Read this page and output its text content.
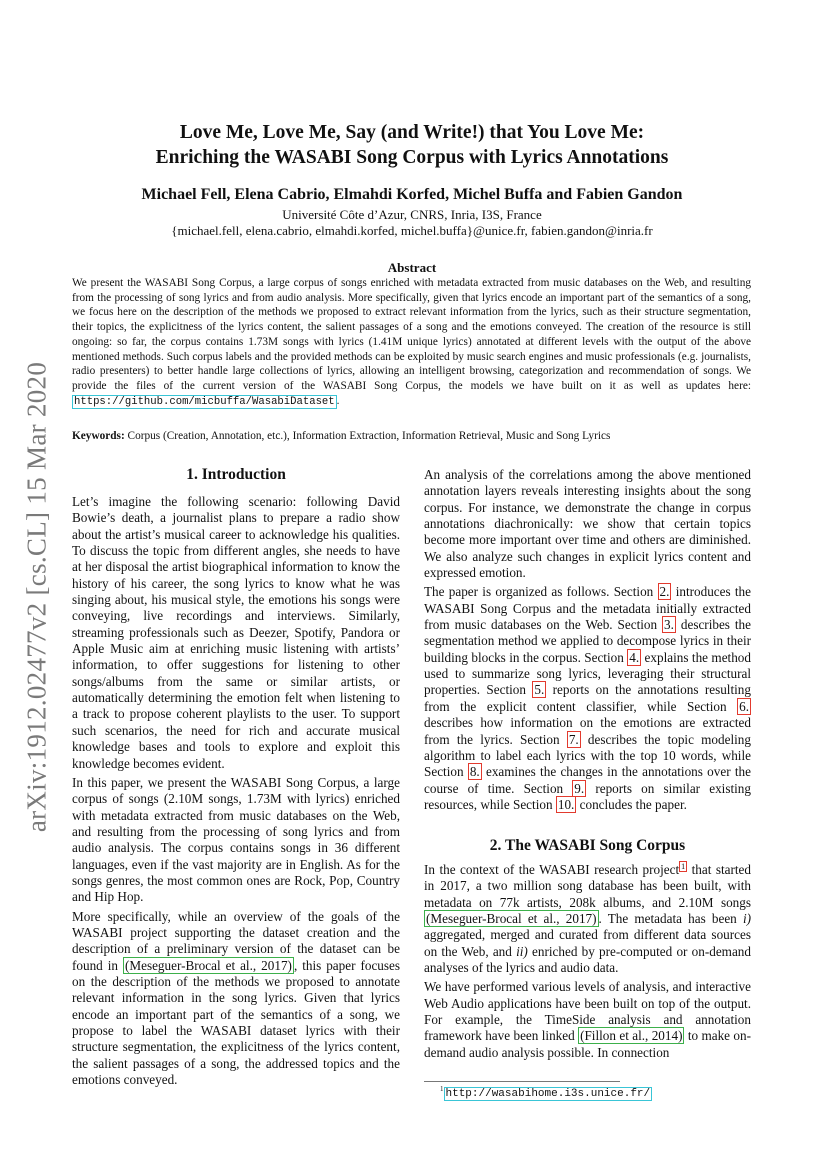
arXiv:1912.02477v2 [cs.CL] 15 Mar 2020
Love Me, Love Me, Say (and Write!) that You Love Me:
Enriching the WASABI Song Corpus with Lyrics Annotations
Michael Fell, Elena Cabrio, Elmahdi Korfed, Michel Buffa and Fabien Gandon
Université Côte d’Azur, CNRS, Inria, I3S, France
{michael.fell, elena.cabrio, elmahdi.korfed, michel.buffa}@unice.fr, fabien.gandon@inria.fr
Abstract
We present the WASABI Song Corpus, a large corpus of songs enriched with metadata extracted from music databases on the Web, and resulting from the processing of song lyrics and from audio analysis. More specifically, given that lyrics encode an important part of the semantics of a song, we focus here on the description of the methods we proposed to extract relevant information from the lyrics, such as their structure segmentation, their topics, the explicitness of the lyrics content, the salient passages of a song and the emotions conveyed. The creation of the resource is still ongoing: so far, the corpus contains 1.73M songs with lyrics (1.41M unique lyrics) annotated at different levels with the output of the above mentioned methods. Such corpus labels and the provided methods can be exploited by music search engines and music professionals (e.g. journalists, radio presenters) to better handle large collections of lyrics, allowing an intelligent browsing, categorization and recommendation of songs. We provide the files of the current version of the WASABI Song Corpus, the models we have built on it as well as updates here: https://github.com/micbuffa/WasabiDataset .
Keywords: Corpus (Creation, Annotation, etc.), Information Extraction, Information Retrieval, Music and Song Lyrics
1. Introduction

Let’s imagine the following scenario: following David Bowie’s death, a journalist plans to prepare a radio show about the artist’s musical career to acknowledge his qualities. To discuss the topic from different angles, she needs to have at her disposal the artist biographical information to know the history of his career, the song lyrics to know what he was singing about, his musical style, the emotions his songs were conveying, live recordings and interviews. Similarly, streaming professionals such as Deezer, Spotify, Pandora or Apple Music aim at enriching music listening with artists’ information, to offer suggestions for listening to other songs/albums from the same or similar artists, or automatically determining the emotion felt when listening to a track to propose coherent playlists to the user. To support such scenarios, the need for rich and accurate musical knowledge bases and tools to explore and exploit this knowledge becomes evident.

In this paper, we present the WASABI Song Corpus, a large corpus of songs (2.10M songs, 1.73M with lyrics) enriched with metadata extracted from music databases on the Web, and resulting from the processing of song lyrics and from audio analysis. The corpus contains songs in 36 different languages, even if the vast majority are in English. As for the songs genres, the most common ones are Rock, Pop, Country and Hip Hop.

More specifically, while an overview of the goals of the WASABI project supporting the dataset creation and the description of a preliminary version of the dataset can be found in (Meseguer-Brocal et al., 2017) , this paper focuses on the description of the methods we proposed to annotate relevant information in the song lyrics. Given that lyrics encode an important part of the semantics of a song, we propose to label the WASABI dataset lyrics with their structure segmentation, the explicitness of the lyrics content, the salient passages of a song, the addressed topics and the emotions conveyed.

An analysis of the correlations among the above mentioned annotation layers reveals interesting insights about the song corpus. For instance, we demonstrate the change in corpus annotations diachronically: we show that certain topics become more important over time and others are diminished. We also analyze such changes in explicit lyrics content and expressed emotion.

The paper is organized as follows. Section 2. introduces the WASABI Song Corpus and the metadata initially extracted from music databases on the Web. Section 3. describes the segmentation method we applied to decompose lyrics in their building blocks in the corpus. Section 4. explains the method used to summarize song lyrics, leveraging their structural properties. Section 5. reports on the annotations resulting from the explicit content classifier, while Section 6. describes how information on the emotions are extracted from the lyrics. Section 7. describes the topic modeling algorithm to label each lyrics with the top 10 words, while Section 8. examines the changes in the annotations over the course of time. Section 9. reports on similar existing resources, while Section 10. concludes the paper.

2. The WASABI Song Corpus

In the context of the WASABI research project $^1$ that started in 2017, a two million song database has been built, with metadata on 77k artists, 208k albums, and 2.10M songs (Meseguer-Brocal et al., 2017) . The metadata has been i) aggregated, merged and curated from different data sources on the Web, and ii) enriched by pre-computed or on-demand analyses of the lyrics and audio data.

We have performed various levels of analysis, and interactive Web Audio applications have been built on top of the output. For example, the TimeSide analysis and annotation framework have been linked (Fillon et al., 2014) to make on-demand audio analysis possible. In connection

$^1$ http://wasabihome.i3s.unice.fr/
